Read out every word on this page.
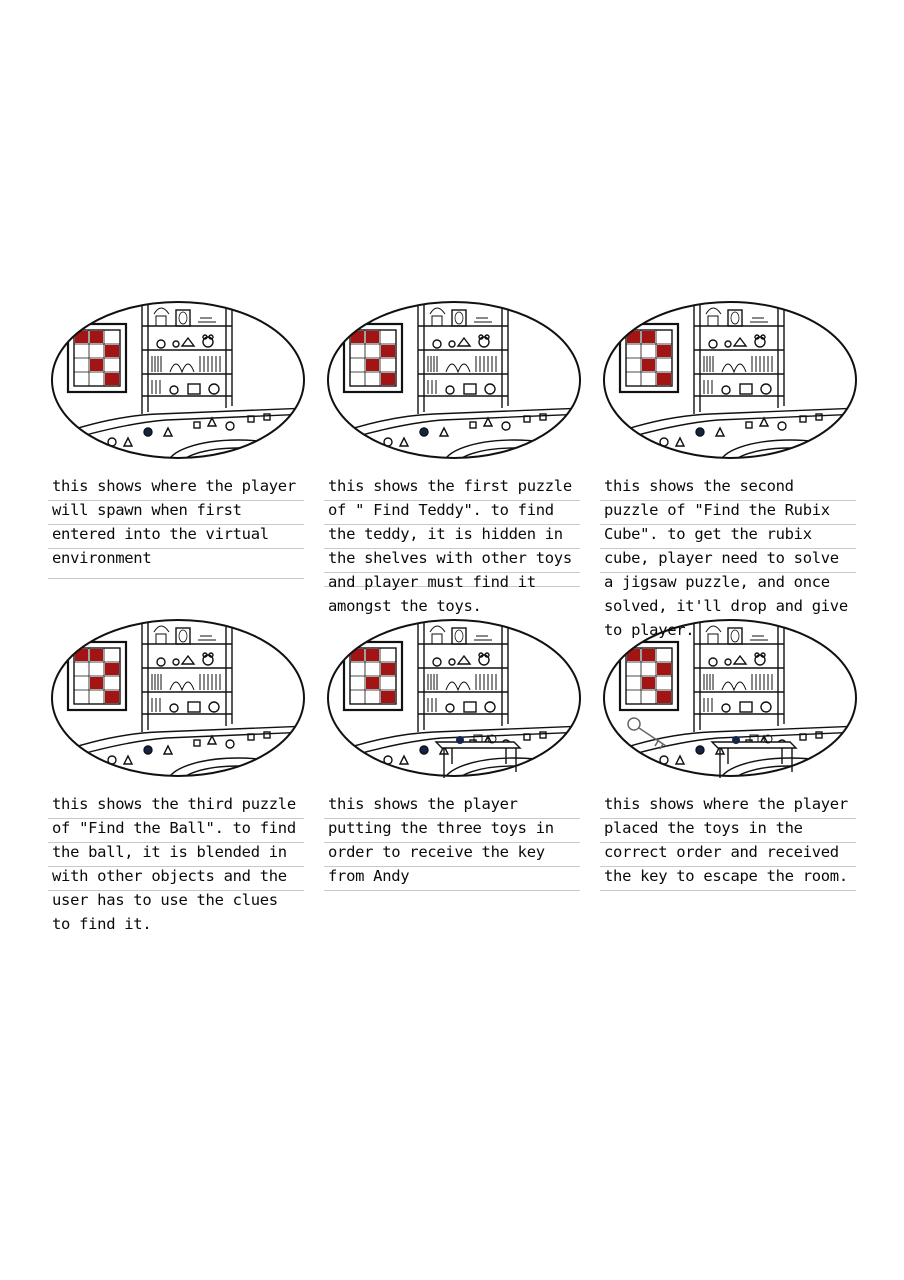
this shows where the player will spawn when first entered into the virtual environment
this shows the first puzzle of " Find Teddy". to find the teddy, it is hidden in the shelves with other toys and player must find it amongst the toys.
this shows the second puzzle of "Find the Rubix Cube". to get the rubix cube, player need to solve a jigsaw puzzle, and once solved, it'll drop and give to player.
this shows the third puzzle of "Find the Ball". to find the ball, it is blended in with other objects and the user has to use the clues to find it.
this shows the player putting the three toys in order to receive the key from Andy
this shows where the player placed the toys in the correct order and received the key to escape the room.
